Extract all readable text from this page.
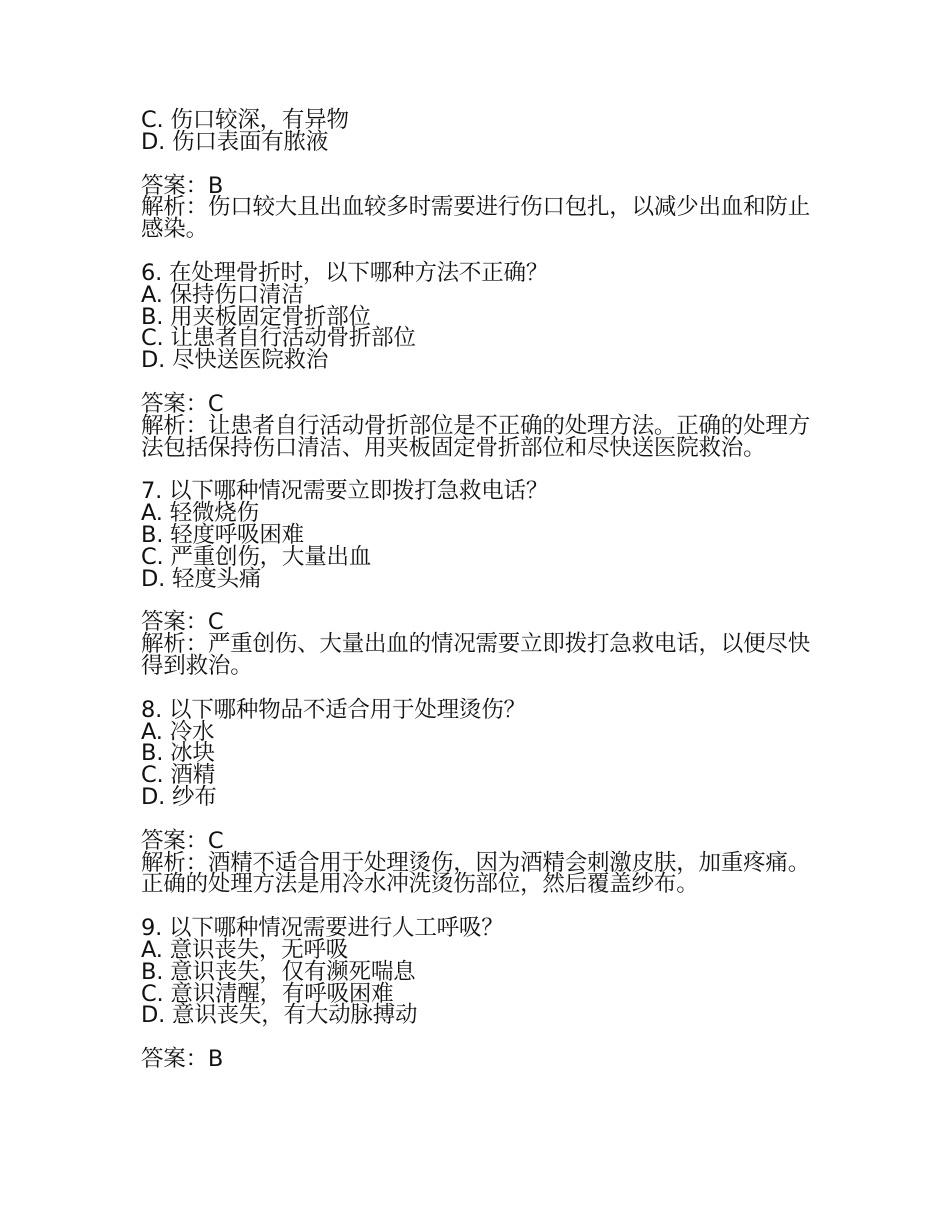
C. 伤口较深，有异物
D. 伤口表面有脓液
答案：B
解析：伤口较大且出血较多时需要进行伤口包扎，以减少出血和防止感染。
6. 在处理骨折时，以下哪种方法不正确？
A. 保持伤口清洁
B. 用夹板固定骨折部位
C. 让患者自行活动骨折部位
D. 尽快送医院救治
答案：C
解析：让患者自行活动骨折部位是不正确的处理方法。正确的处理方法包括保持伤口清洁、用夹板固定骨折部位和尽快送医院救治。
7. 以下哪种情况需要立即拨打急救电话？
A. 轻微烧伤
B. 轻度呼吸困难
C. 严重创伤，大量出血
D. 轻度头痛
答案：C
解析：严重创伤、大量出血的情况需要立即拨打急救电话，以便尽快得到救治。
8. 以下哪种物品不适合用于处理烫伤？
A. 冷水
B. 冰块
C. 酒精
D. 纱布
答案：C
解析：酒精不适合用于处理烫伤，因为酒精会刺激皮肤，加重疼痛。正确的处理方法是用冷水冲洗烫伤部位，然后覆盖纱布。
9. 以下哪种情况需要进行人工呼吸？
A. 意识丧失，无呼吸
B. 意识丧失，仅有濒死喘息
C. 意识清醒，有呼吸困难
D. 意识丧失，有大动脉搏动
答案：B
